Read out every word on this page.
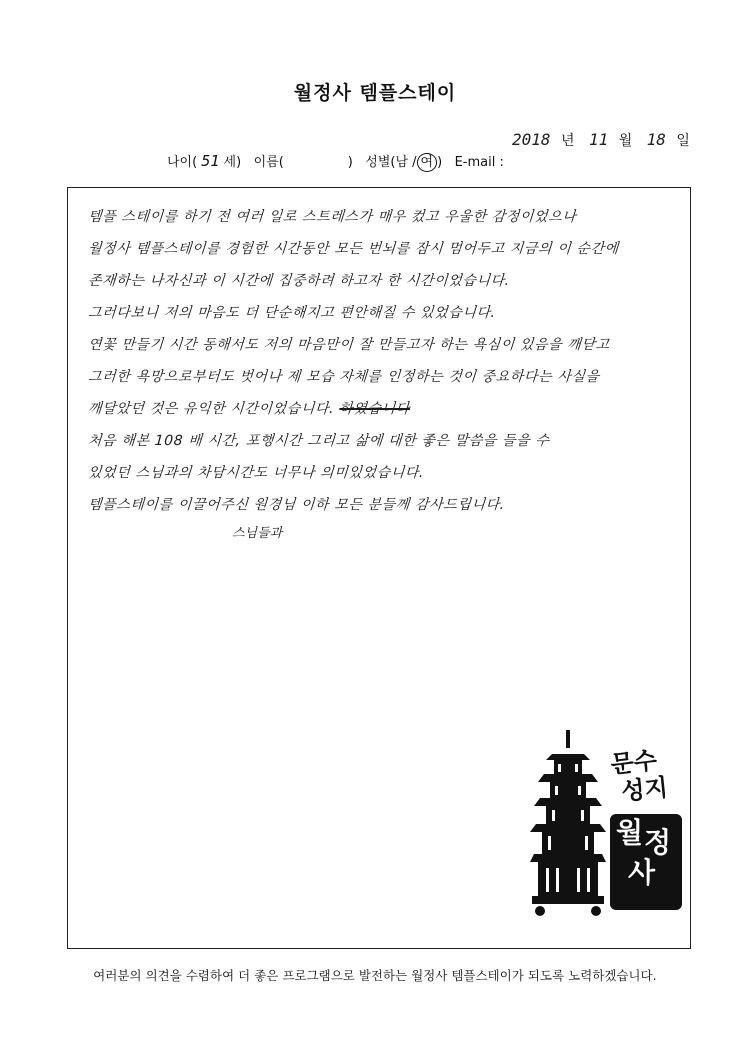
월정사 템플스테이
2018 년 11 월 18 일
나이( 51 세) 이름(	) 성별(남 / 여 ) E-mail :
템플 스테이를 하기 전 여러 일로 스트레스가 매우 컸고 우울한 감정이었으나
월정사 템플스테이를 경험한 시간동안 모든 번뇌를 잠시 멈어두고 지금의 이 순간에
존재하는 나자신과 이 시간에 집중하려 하고자 한 시간이었습니다.
그러다보니 저의 마음도 더 단순해지고 편안해질 수 있었습니다.
연꽃 만들기 시간 동해서도 저의 마음만이 잘 만들고자 하는 욕심이 있음을 깨닫고
그러한 욕망으로부터도 벗어나 제 모습 자체를 인정하는 것이 중요하다는 사실을
깨달았던 것은 유익한 시간이었습니다. 하였습니다
처음 해본 108 배 시간, 포행시간 그리고 삶에 대한 좋은 말씀을 들을 수
있었던 스님과의 차담시간도 너무나 의미있었습니다.
템플스테이를 이끌어주신 원경님 이하 모든 분들께 감사드립니다.
스님들과
문수
성지
월 정
사
여러분의 의견을 수렴하여 더 좋은 프로그램으로 발전하는 월정사 템플스테이가 되도록 노력하겠습니다.
